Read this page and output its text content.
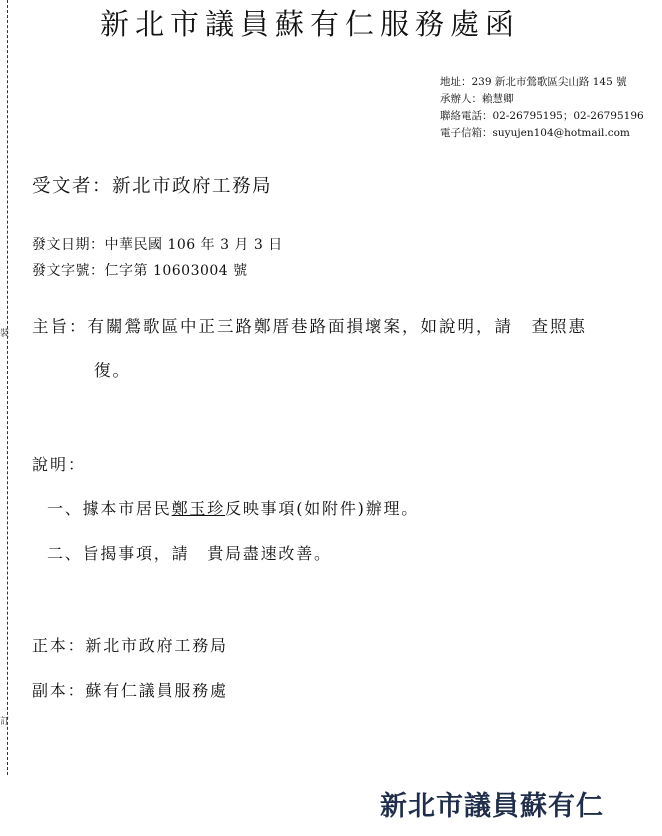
裝
訂
新北市議員蘇有仁服務處函
地址：239 新北市鶯歌區尖山路 145 號
承辦人：賴慧卿
聯絡電話：02-26795195；02-26795196
電子信箱：suyujen104@hotmail.com
受文者：新北市政府工務局
發文日期：中華民國 106 年 3 月 3 日
發文字號：仁字第 10603004 號
主旨：有關鶯歌區中正三路鄭厝巷路面損壞案，如說明，請　查照惠
復。
說明：
一、據本市居民鄭玉珍反映事項(如附件)辦理。
二、旨揭事項，請　貴局盡速改善。
正本：新北市政府工務局
副本：蘇有仁議員服務處
新北市議員蘇有仁
